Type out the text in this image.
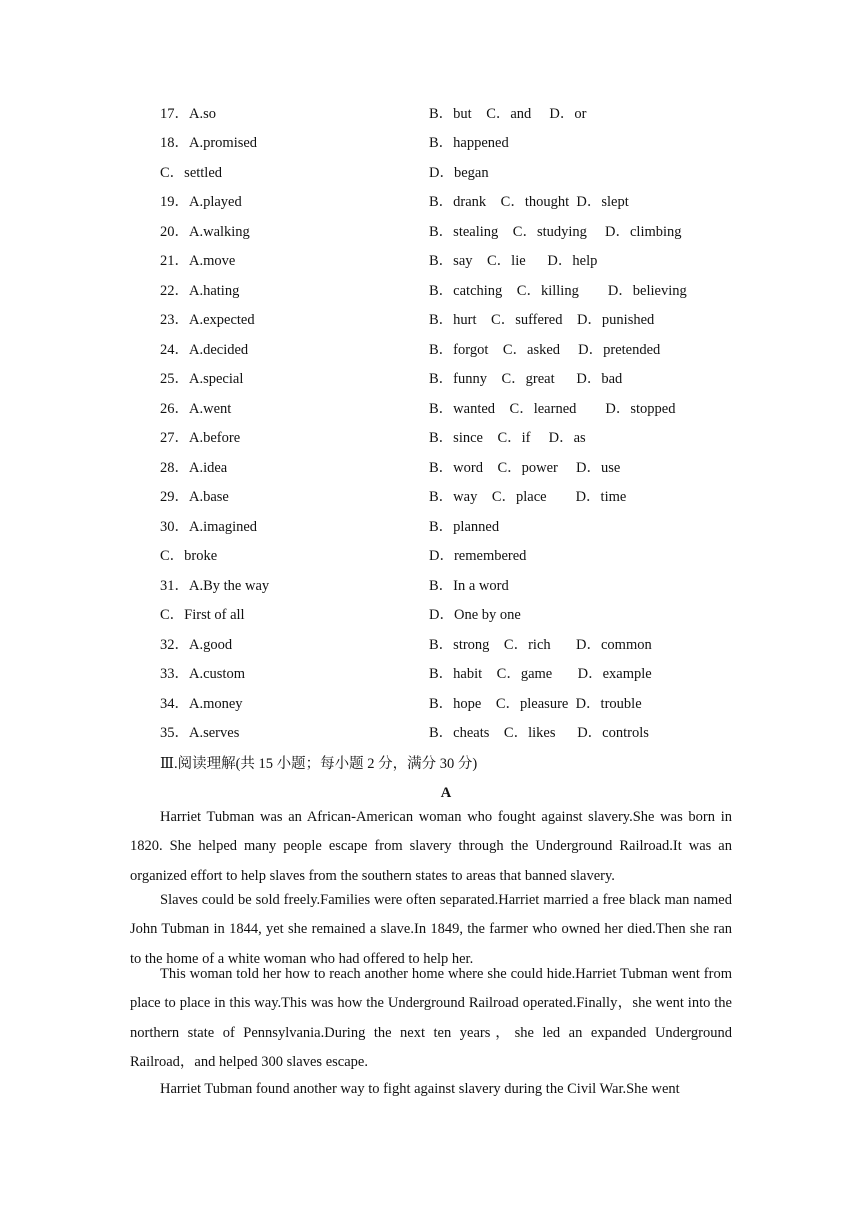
17．A.so	B．but    C．and     D．or
18．A.promised	B．happened
C．settled	D．began
19．A.played	B．drank    C．thought  D．slept
20．A.walking	B．stealing    C．studying     D．climbing
21．A.move	B．say    C．lie      D．help
22．A.hating	B．catching    C．killing        D．believing
23．A.expected	B．hurt    C．suffered    D．punished
24．A.decided	B．forgot    C．asked     D．pretended
25．A.special	B．funny    C．great      D．bad
26．A.went	B．wanted    C．learned        D．stopped
27．A.before	B．since    C．if     D．as
28．A.idea	B．word    C．power     D．use
29．A.base	B．way    C．place        D．time
30．A.imagined	B．planned
C．broke	D．remembered
31．A.By the way	B．In a word
C．First of all	D．One by one
32．A.good	B．strong    C．rich       D．common
33．A.custom	B．habit    C．game       D．example
34．A.money	B．hope    C．pleasure  D．trouble
35．A.serves	B．cheats    C．likes      D．controls
Ⅲ.阅读理解(共 15 小题；每小题 2 分，满分 30 分)
A

Harriet Tubman was an African-American woman who fought against slavery.She was born in 1820. She helped many people escape from slavery through the Underground Railroad.It was an organized effort to help slaves from the southern states to areas that banned slavery.

Slaves could be sold freely.Families were often separated.Harriet married a free black man named John Tubman in 1844, yet she remained a slave.In 1849, the farmer who owned her died.Then she ran to the home of a white woman who had offered to help her.

This woman told her how to reach another home where she could hide.Harriet Tubman went from place to place in this way.This was how the Underground Railroad operated.Finally，she went into the northern state of Pennsylvania.During the next ten years，she led an expanded Underground Railroad，and helped 300 slaves escape.

Harriet Tubman found another way to fight against slavery during the Civil War.She went
